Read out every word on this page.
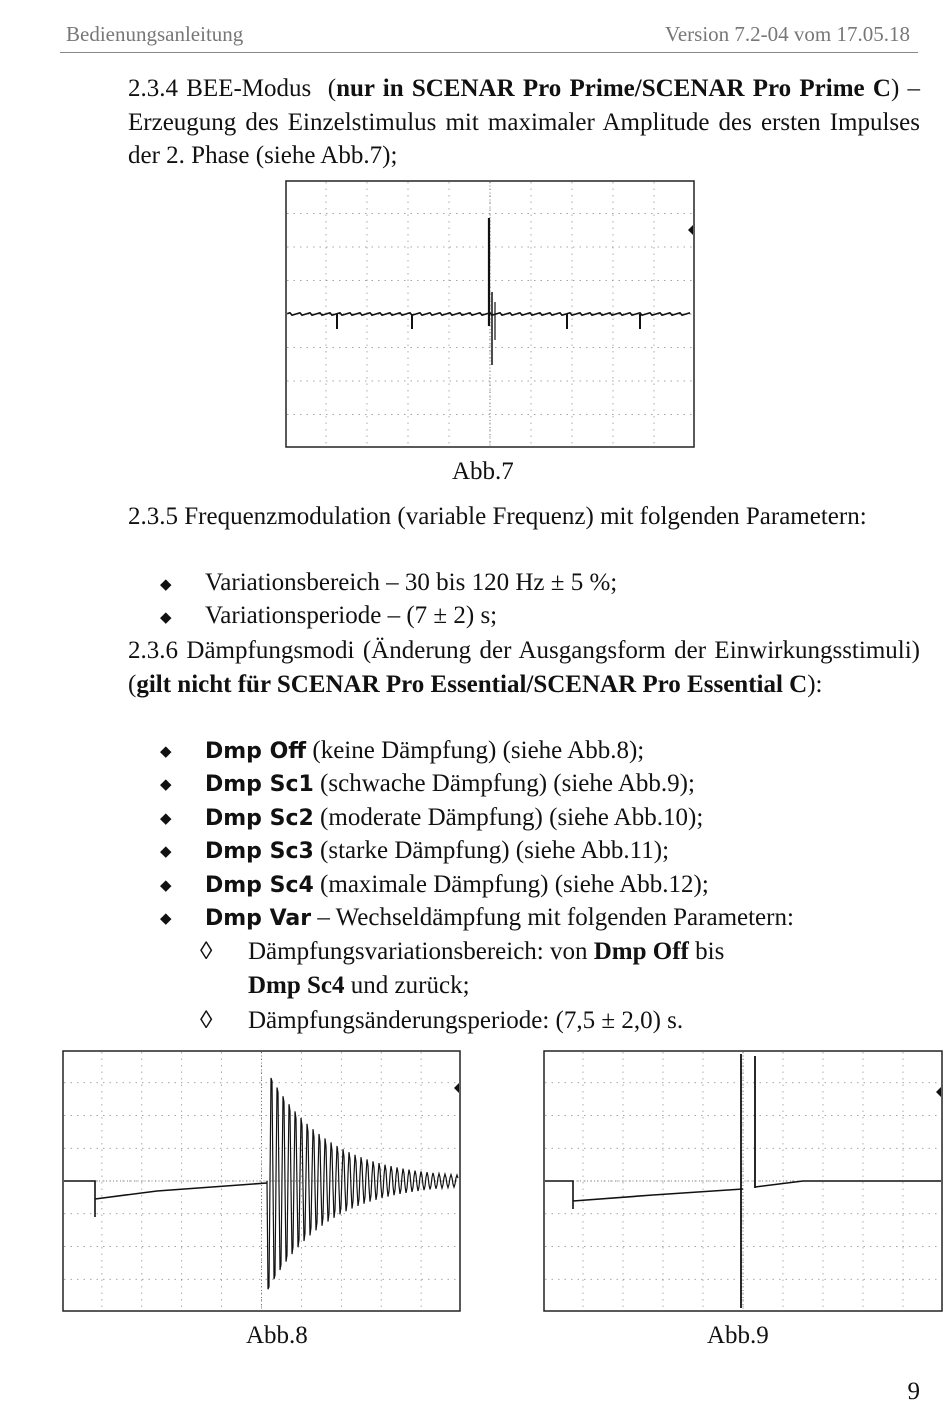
Bedienungsanleitung	Version 7.2-04 vom 17.05.18

2.3.4 BEE-Modus (nur in SCENAR Pro Prime/SCENAR Pro Prime C) – Erzeugung des Einzelstimulus mit maximaler Amplitude des ersten Impulses der 2. Phase (siehe Abb.7);

Abb.7

2.3.5 Frequenzmodulation (variable Frequenz) mit folgenden Parametern:

◆ Variationsbereich – 30 bis 120 Hz ± 5 %;
◆ Variationsperiode – (7 ± 2) s;

2.3.6 Dämpfungsmodi (Änderung der Ausgangsform der Einwirkungsstimuli) (gilt nicht für SCENAR Pro Essential/SCENAR Pro Essential C):

◆ Dmp Off (keine Dämpfung) (siehe Abb.8);
◆ Dmp Sc1 (schwache Dämpfung) (siehe Abb.9);
◆ Dmp Sc2 (moderate Dämpfung) (siehe Abb.10);
◆ Dmp Sc3 (starke Dämpfung) (siehe Abb.11);
◆ Dmp Sc4 (maximale Dämpfung) (siehe Abb.12);
◆ Dmp Var – Wechseldämpfung mit folgenden Parametern:
◊ Dämpfungsvariationsbereich: von Dmp Off bis
Dmp Sc4 und zurück;
◊ Dämpfungsänderungsperiode: (7,5 ± 2,0) s.
Abb.8	Abb.9
9
